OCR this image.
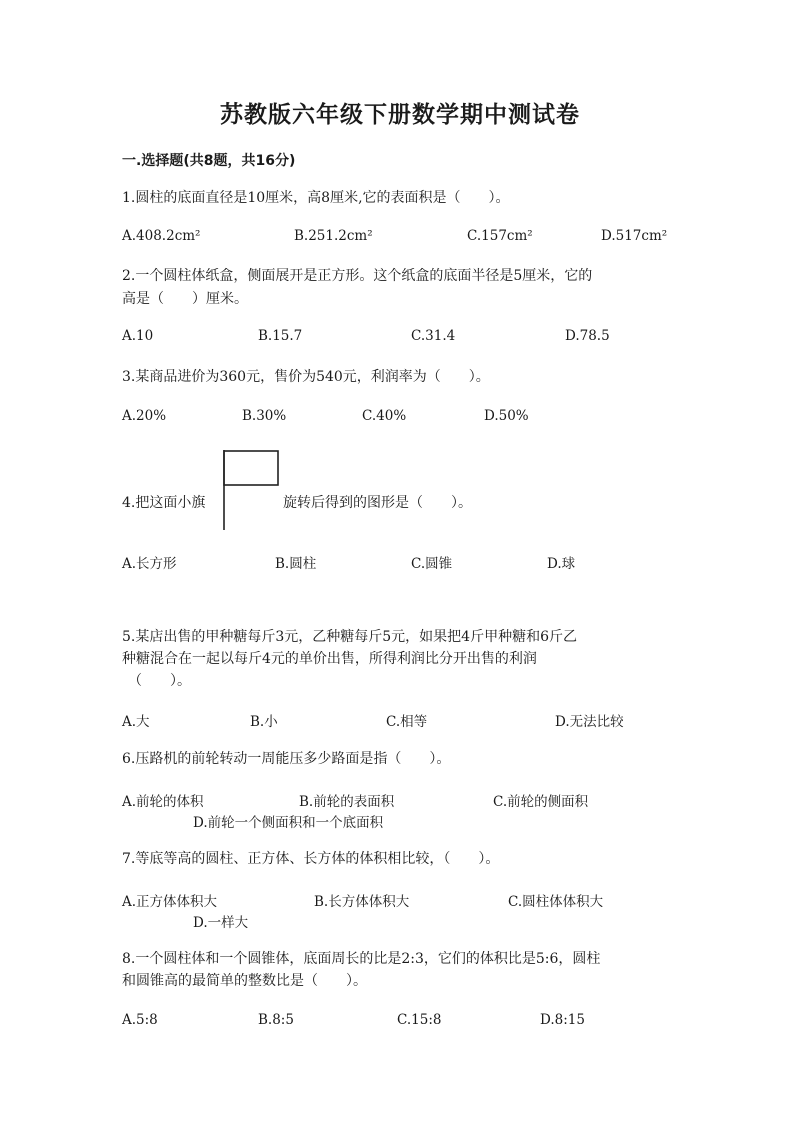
苏教版六年级下册数学期中测试卷
一.选择题(共8题，共16分)
1.圆柱的底面直径是10厘米，高8厘米,它的表面积是（　　）。
A.408.2cm²	B.251.2cm²	C.157cm²	D.517cm²
2.一个圆柱体纸盒，侧面展开是正方形。这个纸盒的底面半径是5厘米，它的
高是（　　）厘米。
A.10	B.15.7	C.31.4	D.78.5
3.某商品进价为360元，售价为540元，利润率为（　　）。
A.20%	B.30%	C.40%	D.50%
4.把这面小旗	旋转后得到的图形是（　　）。
A.长方形	B.圆柱	C.圆锥	D.球
5.某店出售的甲种糖每斤3元，乙种糖每斤5元，如果把4斤甲种糖和6斤乙
种糖混合在一起以每斤4元的单价出售，所得利润比分开出售的利润
（　　）。
A.大	B.小	C.相等	D.无法比较
6.压路机的前轮转动一周能压多少路面是指（　　）。
A.前轮的体积	B.前轮的表面积	C.前轮的侧面积
D.前轮一个侧面积和一个底面积
7.等底等高的圆柱、正方体、长方体的体积相比较，（　　）。
A.正方体体积大	B.长方体体积大	C.圆柱体体积大
D.一样大
8.一个圆柱体和一个圆锥体，底面周长的比是2:3，它们的体积比是5:6，圆柱
和圆锥高的最简单的整数比是（　　）。
A.5:8	B.8:5	C.15:8	D.8:15
